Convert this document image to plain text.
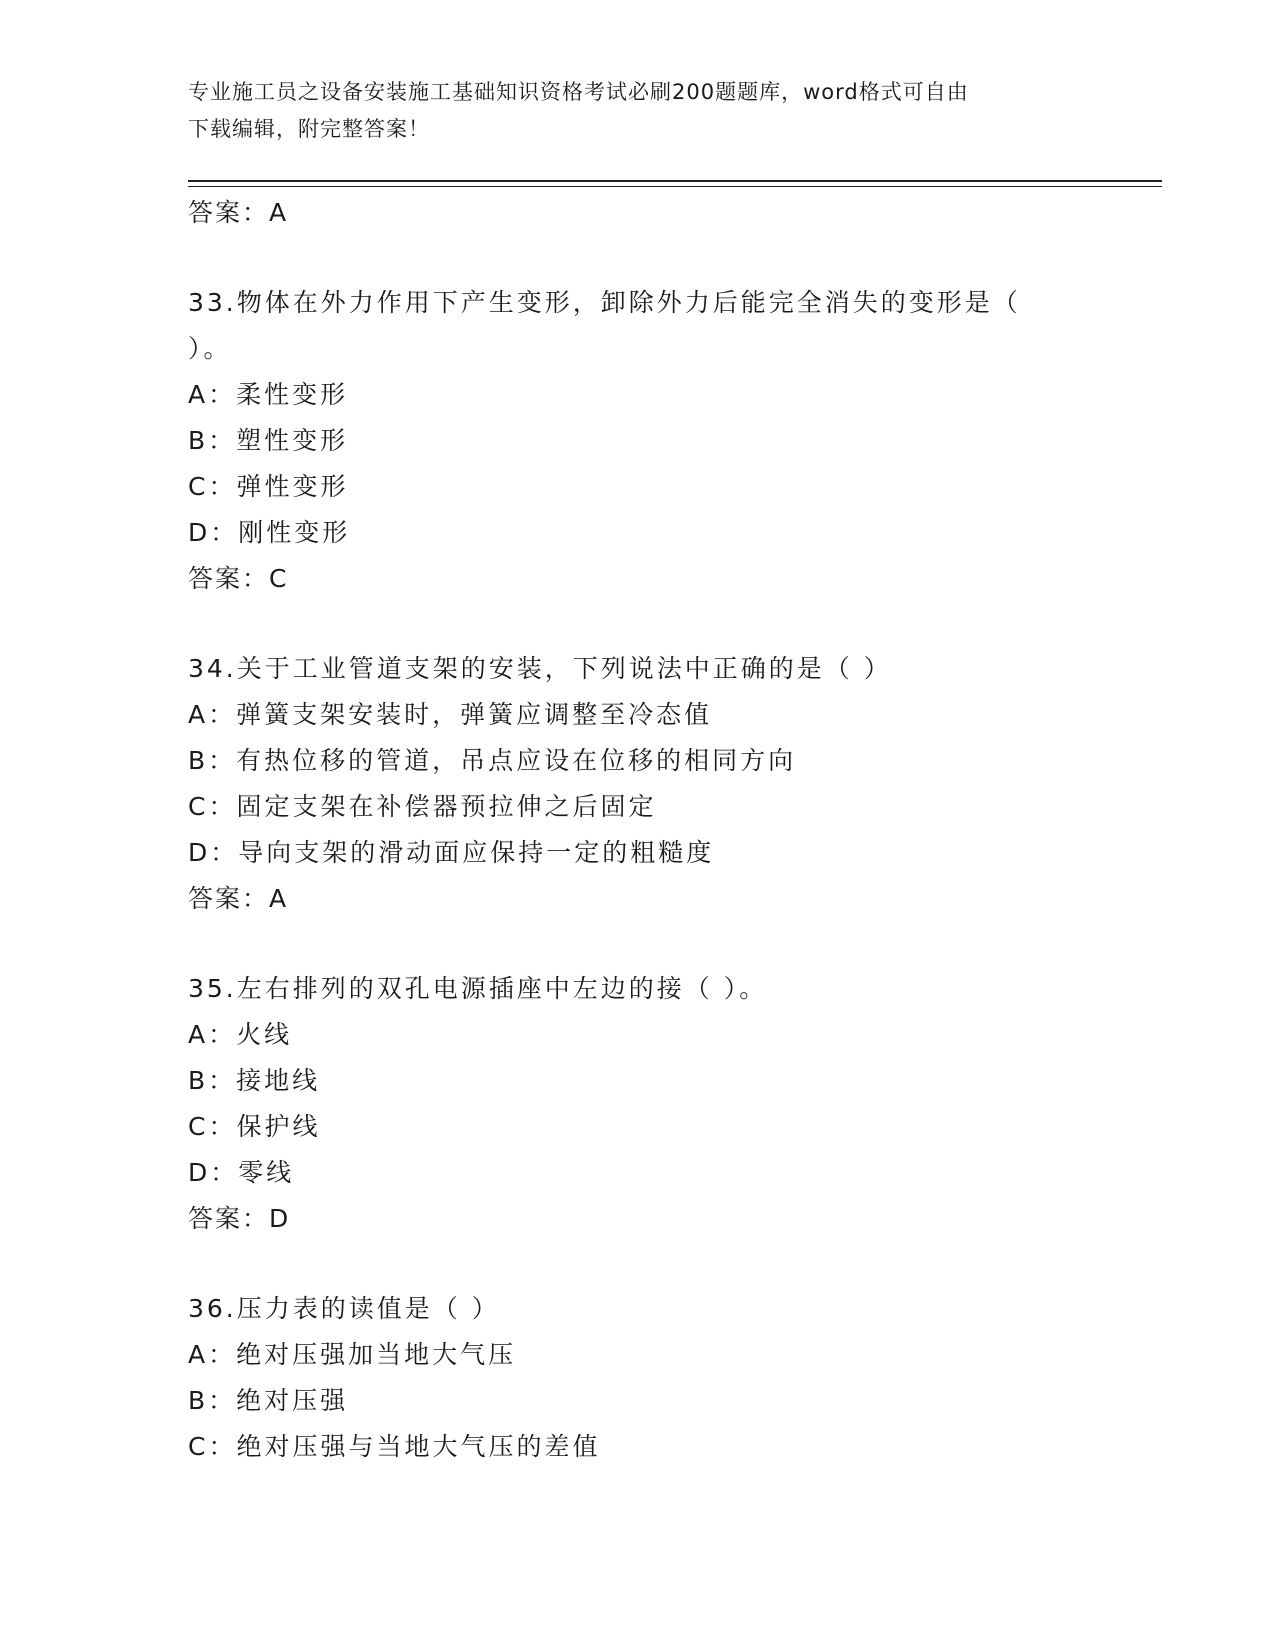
专业施工员之设备安装施工基础知识资格考试必刷200题题库，word格式可自由
下载编辑，附完整答案！
答案：A
33.物体在外力作用下产生变形，卸除外力后能完全消失的变形是（
）。
A：柔性变形
B：塑性变形
C：弹性变形
D：刚性变形
答案：C
34.关于工业管道支架的安装，下列说法中正确的是（ ）
A：弹簧支架安装时，弹簧应调整至冷态值
B：有热位移的管道，吊点应设在位移的相同方向
C：固定支架在补偿器预拉伸之后固定
D：导向支架的滑动面应保持一定的粗糙度
答案：A
35.左右排列的双孔电源插座中左边的接（ ）。
A：火线
B：接地线
C：保护线
D：零线
答案：D
36.压力表的读值是（ ）
A：绝对压强加当地大气压
B：绝对压强
C：绝对压强与当地大气压的差值
